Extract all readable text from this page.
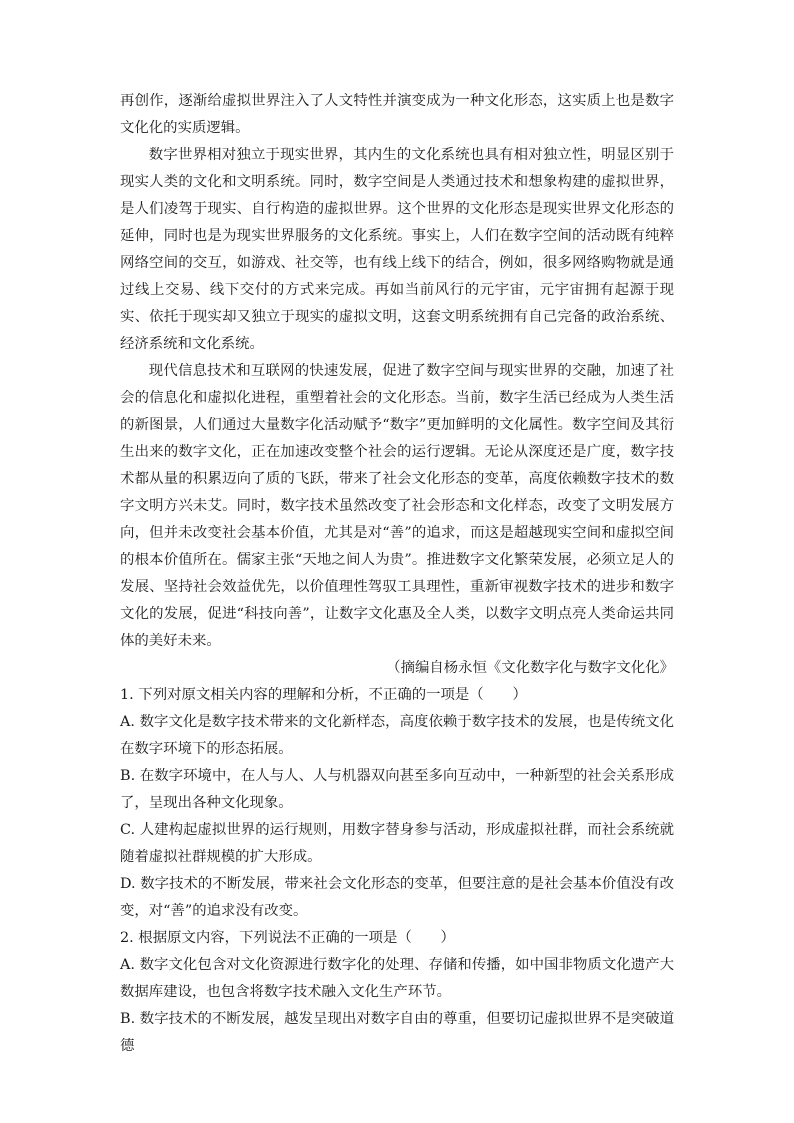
再创作，逐渐给虚拟世界注入了人文特性并演变成为一种文化形态，这实质上也是数字文化化的实质逻辑。

数字世界相对独立于现实世界，其内生的文化系统也具有相对独立性，明显区别于现实人类的文化和文明系统。同时，数字空间是人类通过技术和想象构建的虚拟世界，是人们凌驾于现实、自行构造的虚拟世界。这个世界的文化形态是现实世界文化形态的延伸，同时也是为现实世界服务的文化系统。事实上，人们在数字空间的活动既有纯粹网络空间的交互，如游戏、社交等，也有线上线下的结合，例如，很多网络购物就是通过线上交易、线下交付的方式来完成。再如当前风行的元宇宙，元宇宙拥有起源于现实、依托于现实却又独立于现实的虚拟文明，这套文明系统拥有自己完备的政治系统、经济系统和文化系统。

现代信息技术和互联网的快速发展，促进了数字空间与现实世界的交融，加速了社会的信息化和虚拟化进程，重塑着社会的文化形态。当前，数字生活已经成为人类生活的新图景，人们通过大量数字化活动赋予“数字”更加鲜明的文化属性。数字空间及其衍生出来的数字文化，正在加速改变整个社会的运行逻辑。无论从深度还是广度，数字技术都从量的积累迈向了质的飞跃，带来了社会文化形态的变革，高度依赖数字技术的数字文明方兴未艾。同时，数字技术虽然改变了社会形态和文化样态，改变了文明发展方向，但并未改变社会基本价值，尤其是对“善”的追求，而这是超越现实空间和虚拟空间的根本价值所在。儒家主张“天地之间人为贵”。推进数字文化繁荣发展，必须立足人的发展、坚持社会效益优先，以价值理性驾驭工具理性，重新审视数字技术的进步和数字文化的发展，促进“科技向善”，让数字文化惠及全人类，以数字文明点亮人类命运共同体的美好未来。

（摘编自杨永恒《文化数字化与数字文化化》

1. 下列对原文相关内容的理解和分析，不正确的一项是（　　）

A. 数字文化是数字技术带来的文化新样态，高度依赖于数字技术的发展，也是传统文化在数字环境下的形态拓展。

B. 在数字环境中，在人与人、人与机器双向甚至多向互动中，一种新型的社会关系形成了，呈现出各种文化现象。

C. 人建构起虚拟世界的运行规则，用数字替身参与活动，形成虚拟社群，而社会系统就随着虚拟社群规模的扩大形成。

D. 数字技术的不断发展，带来社会文化形态的变革，但要注意的是社会基本价值没有改变，对“善”的追求没有改变。

2. 根据原文内容，下列说法不正确的一项是（　　）

A. 数字文化包含对文化资源进行数字化的处理、存储和传播，如中国非物质文化遗产大数据库建设，也包含将数字技术融入文化生产环节。

B. 数字技术的不断发展，越发呈现出对数字自由的尊重，但要切记虚拟世界不是突破道德
